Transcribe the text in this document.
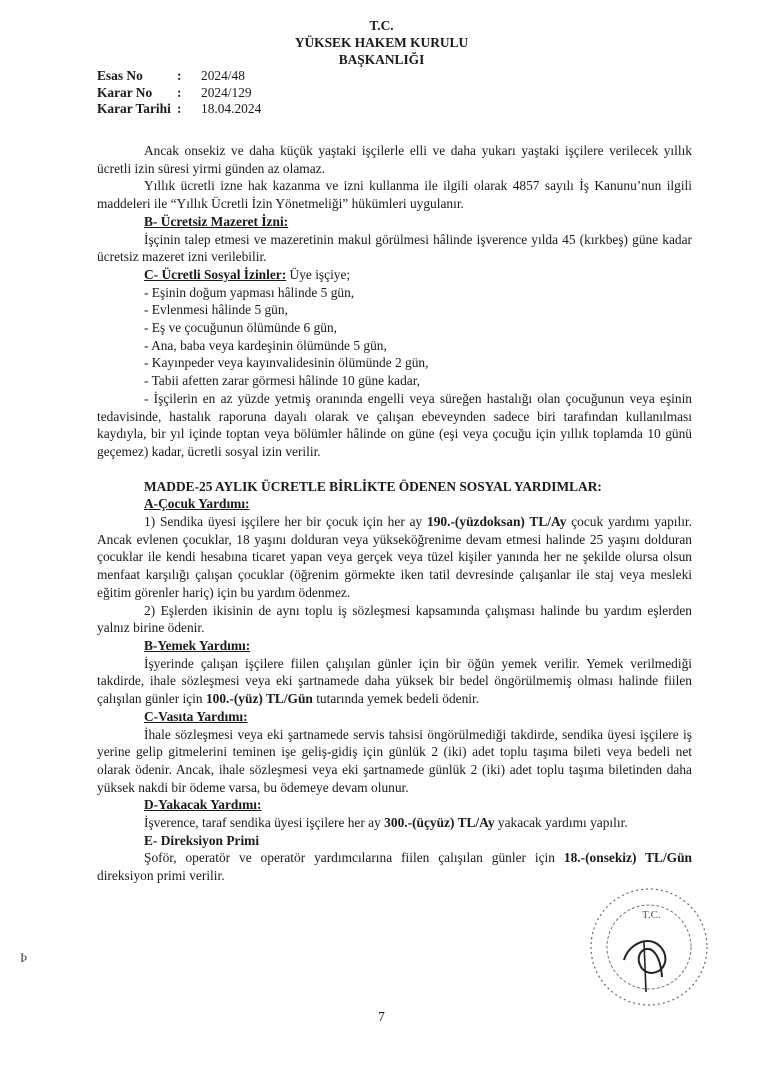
T.C.
YÜKSEK HAKEM KURULU
BAŞKANLIĞI
Esas No	:	2024/48
Karar No	:	2024/129
Karar Tarihi :	18.04.2024

Ancak onsekiz ve daha küçük yaştaki işçilerle elli ve daha yukarı yaştaki işçilere verilecek yıllık ücretli izin süresi yirmi günden az olamaz.

Yıllık ücretli izne hak kazanma ve izni kullanma ile ilgili olarak 4857 sayılı İş Kanunu’nun ilgili maddeleri ile “Yıllık Ücretli İzin Yönetmeliği” hükümleri uygulanır.

B- Ücretsiz Mazeret İzni:

İşçinin talep etmesi ve mazeretinin makul görülmesi hâlinde işverence yılda 45 (kırkbeş) güne kadar ücretsiz mazeret izni verilebilir.

C- Ücretli Sosyal İzinler: Üye işçiye;

- Eşinin doğum yapması hâlinde 5 gün,

- Evlenmesi hâlinde 5 gün,

- Eş ve çocuğunun ölümünde 6 gün,

- Ana, baba veya kardeşinin ölümünde 5 gün,

- Kayınpeder veya kayınvalidesinin ölümünde 2 gün,

- Tabii afetten zarar görmesi hâlinde 10 güne kadar,

- İşçilerin en az yüzde yetmiş oranında engelli veya süreğen hastalığı olan çocuğunun veya eşinin tedavisinde, hastalık raporuna dayalı olarak ve çalışan ebeveynden sadece biri tarafından kullanılması kaydıyla, bir yıl içinde toptan veya bölümler hâlinde on güne (eşi veya çocuğu için yıllık toplamda 10 günü geçemez) kadar, ücretli sosyal izin verilir.

MADDE-25 AYLIK ÜCRETLE BİRLİKTE ÖDENEN SOSYAL YARDIMLAR:

A-Çocuk Yardımı:

1) Sendika üyesi işçilere her bir çocuk için her ay 190.-(yüzdoksan) TL/Ay çocuk yardımı yapılır. Ancak evlenen çocuklar, 18 yaşını dolduran veya yükseköğrenime devam etmesi halinde 25 yaşını dolduran çocuklar ile kendi hesabına ticaret yapan veya gerçek veya tüzel kişiler yanında her ne şekilde olursa olsun menfaat karşılığı çalışan çocuklar (öğrenim görmekte iken tatil devresinde çalışanlar ile staj veya mesleki eğitim görenler hariç) için bu yardım ödenmez.

2) Eşlerden ikisinin de aynı toplu iş sözleşmesi kapsamında çalışması halinde bu yardım eşlerden yalnız birine ödenir.

B-Yemek Yardımı:

İşyerinde çalışan işçilere fiilen çalışılan günler için bir öğün yemek verilir. Yemek verilmediği takdirde, ihale sözleşmesi veya eki şartnamede daha yüksek bir bedel öngörülmemiş olması halinde fiilen çalışılan günler için 100.-(yüz) TL/Gün tutarında yemek bedeli ödenir.

C-Vasıta Yardımı:

İhale sözleşmesi veya eki şartnamede servis tahsisi öngörülmediği takdirde, sendika üyesi işçilere iş yerine gelip gitmelerini teminen işe geliş-gidiş için günlük 2 (iki) adet toplu taşıma bileti veya bedeli net olarak ödenir. Ancak, ihale sözleşmesi veya eki şartnamede günlük 2 (iki) adet toplu taşıma biletinden daha yüksek nakdi bir ödeme varsa, bu ödemeye devam olunur.

D-Yakacak Yardımı:

İşverence, taraf sendika üyesi işçilere her ay 300.-(üçyüz) TL/Ay yakacak yardımı yapılır.

E- Direksiyon Primi

Şoför, operatör ve operatör yardımcılarına fiilen çalışılan günler için 18.-(onsekiz) TL/Gün direksiyon primi verilir.

T.C.
Þ
7
